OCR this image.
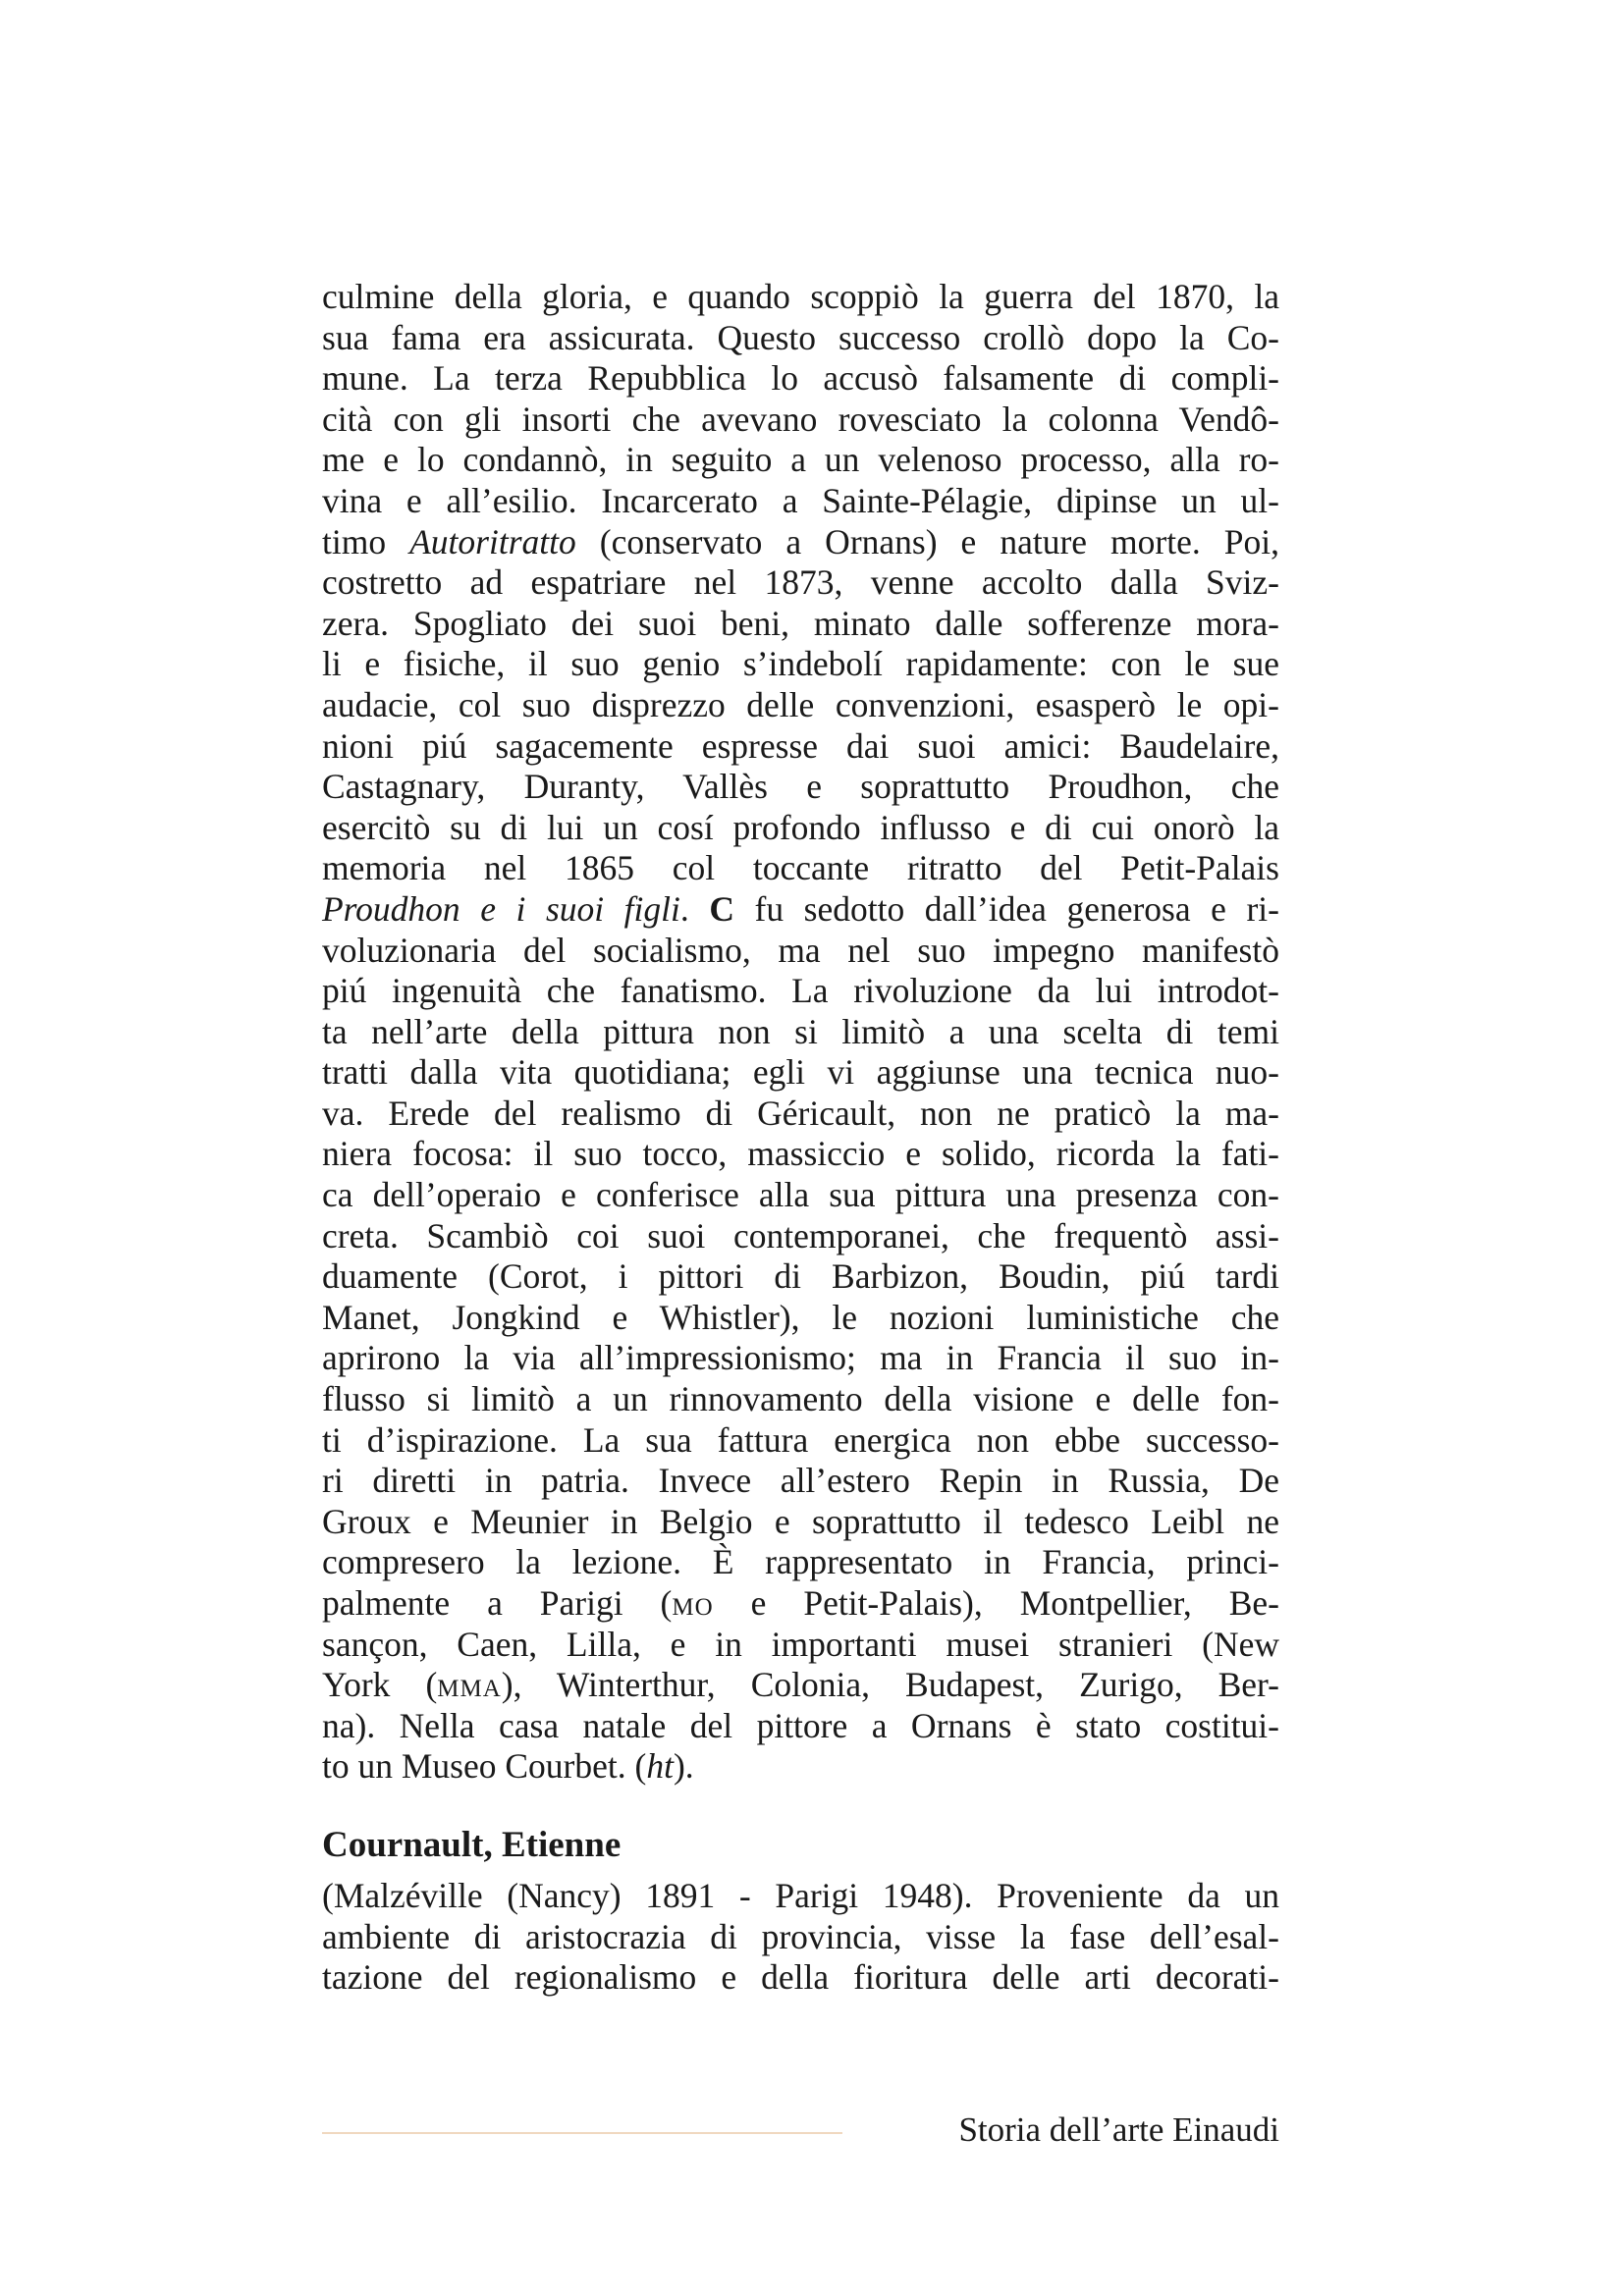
culmine della gloria, e quando scoppiò la guerra del 1870, la
sua fama era assicurata. Questo successo crollò dopo la Co-
mune. La terza Repubblica lo accusò falsamente di compli-
cità con gli insorti che avevano rovesciato la colonna Vendô-
me e lo condannò, in seguito a un velenoso processo, alla ro-
vina e all’esilio. Incarcerato a Sainte-Pélagie, dipinse un ul-
timo Autoritratto (conservato a Ornans) e nature morte. Poi,
costretto ad espatriare nel 1873, venne accolto dalla Sviz-
zera. Spogliato dei suoi beni, minato dalle sofferenze mora-
li e fisiche, il suo genio s’indebolí rapidamente: con le sue
audacie, col suo disprezzo delle convenzioni, esasperò le opi-
nioni piú sagacemente espresse dai suoi amici: Baudelaire,
Castagnary, Duranty, Vallès e soprattutto Proudhon, che
esercitò su di lui un cosí profondo influsso e di cui onorò la
memoria nel 1865 col toccante ritratto del Petit-Palais
Proudhon e i suoi figli. C fu sedotto dall’idea generosa e ri-
voluzionaria del socialismo, ma nel suo impegno manifestò
piú ingenuità che fanatismo. La rivoluzione da lui introdot-
ta nell’arte della pittura non si limitò a una scelta di temi
tratti dalla vita quotidiana; egli vi aggiunse una tecnica nuo-
va. Erede del realismo di Géricault, non ne praticò la ma-
niera focosa: il suo tocco, massiccio e solido, ricorda la fati-
ca dell’operaio e conferisce alla sua pittura una presenza con-
creta. Scambiò coi suoi contemporanei, che frequentò assi-
duamente (Corot, i pittori di Barbizon, Boudin, piú tardi
Manet, Jongkind e Whistler), le nozioni luministiche che
aprirono la via all’impressionismo; ma in Francia il suo in-
flusso si limitò a un rinnovamento della visione e delle fon-
ti d’ispirazione. La sua fattura energica non ebbe successo-
ri diretti in patria. Invece all’estero Repin in Russia, De
Groux e Meunier in Belgio e soprattutto il tedesco Leibl ne
compresero la lezione. È rappresentato in Francia, princi-
palmente a Parigi (mo e Petit-Palais), Montpellier, Be-
sançon, Caen, Lilla, e in importanti musei stranieri (New
York (mma), Winterthur, Colonia, Budapest, Zurigo, Ber-
na). Nella casa natale del pittore a Ornans è stato costitui-
to un Museo Courbet. (ht).
Cournault, Etienne
(Malzéville (Nancy) 1891 - Parigi 1948). Proveniente da un
ambiente di aristocrazia di provincia, visse la fase dell’esal-
tazione del regionalismo e della fioritura delle arti decorati-
Storia dell’arte Einaudi
